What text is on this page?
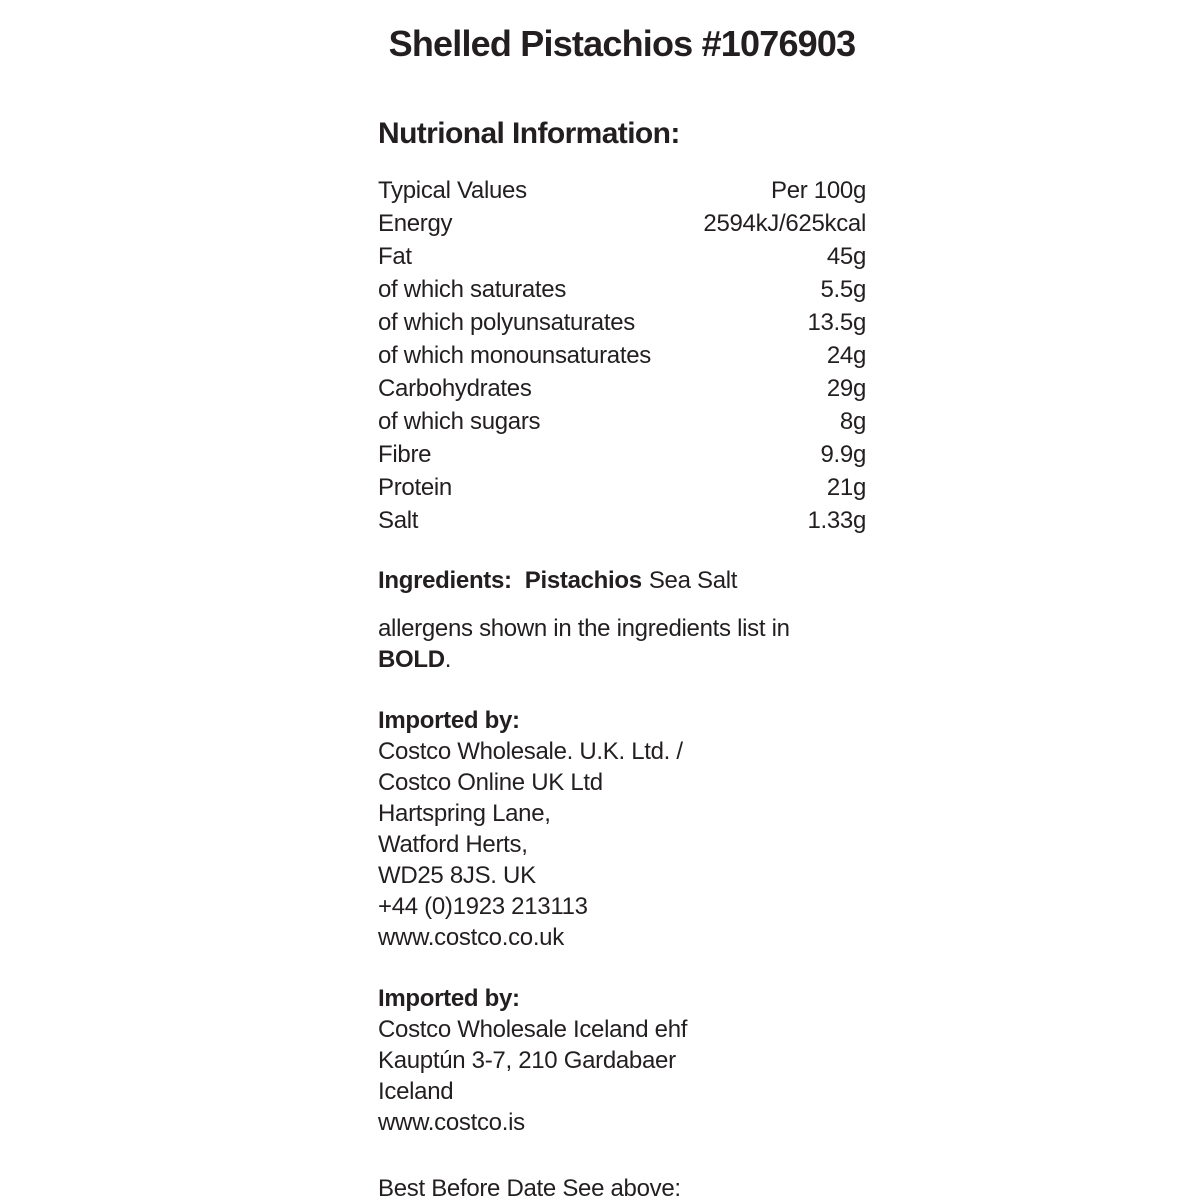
Shelled Pistachios #1076903
Nutrional Information:
Typical Values	Per 100g
Energy	2594kJ/625kcal
Fat	45g
of which saturates	5.5g
of which polyunsaturates	13.5g
of which monounsaturates	24g
Carbohydrates	29g
of which sugars	8g
Fibre	9.9g
Protein	21g
Salt	1.33g

Ingredients: Pistachios Sea Salt

allergens shown in the ingredients list in BOLD.

Imported by:
Costco Wholesale. U.K. Ltd. /
Costco Online UK Ltd
Hartspring Lane,
Watford Herts,
WD25 8JS. UK
+44 (0)1923 213113
www.costco.co.uk
Imported by:
Costco Wholesale Iceland ehf
Kauptún 3-7, 210 Gardabaer
Iceland
www.costco.is

Best Before Date See above:
